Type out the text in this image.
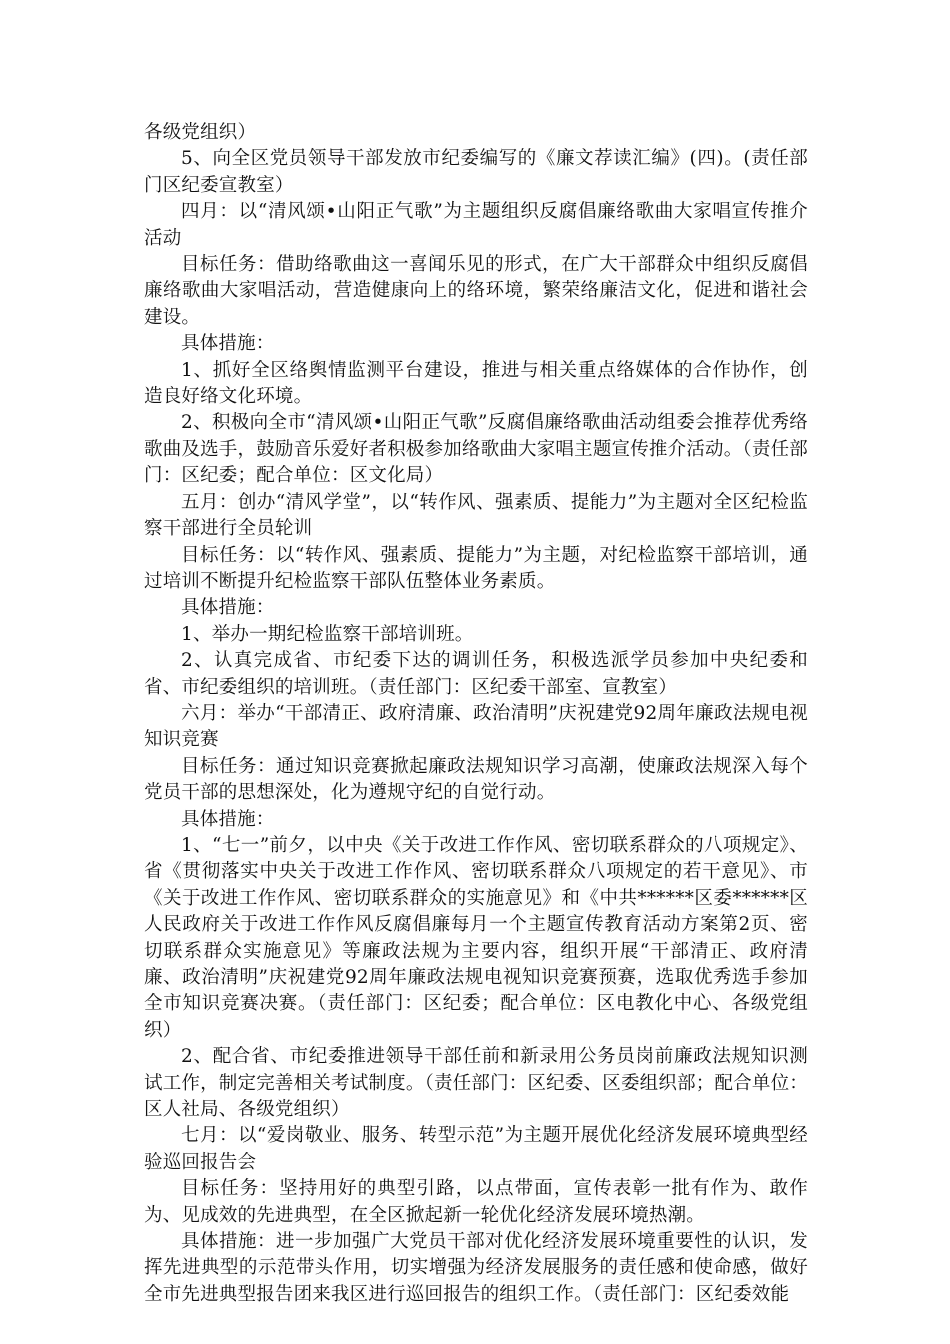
各级党组织）

5、向全区党员领导干部发放市纪委编写的《廉文荐读汇编》(四)。(责任部门区纪委宣教室）

四月：以“清风颂•山阳正气歌”为主题组织反腐倡廉络歌曲大家唱宣传推介活动

目标任务：借助络歌曲这一喜闻乐见的形式，在广大干部群众中组织反腐倡廉络歌曲大家唱活动，营造健康向上的络环境，繁荣络廉洁文化，促进和谐社会建设。

具体措施：

1、抓好全区络舆情监测平台建设，推进与相关重点络媒体的合作协作，创造良好络文化环境。

2、积极向全市“清风颂•山阳正气歌”反腐倡廉络歌曲活动组委会推荐优秀络歌曲及选手，鼓励音乐爱好者积极参加络歌曲大家唱主题宣传推介活动。（责任部门：区纪委；配合单位：区文化局）

五月：创办“清风学堂”，以“转作风、强素质、提能力”为主题对全区纪检监察干部进行全员轮训

目标任务：以“转作风、强素质、提能力”为主题，对纪检监察干部培训，通过培训不断提升纪检监察干部队伍整体业务素质。

具体措施：

1、举办一期纪检监察干部培训班。

2、认真完成省、市纪委下达的调训任务，积极选派学员参加中央纪委和省、市纪委组织的培训班。（责任部门：区纪委干部室、宣教室）

六月：举办“干部清正、政府清廉、政治清明”庆祝建党92周年廉政法规电视知识竞赛

目标任务：通过知识竞赛掀起廉政法规知识学习高潮，使廉政法规深入每个党员干部的思想深处，化为遵规守纪的自觉行动。

具体措施：

1、“七一”前夕，以中央《关于改进工作作风、密切联系群众的八项规定》、省《贯彻落实中央关于改进工作作风、密切联系群众八项规定的若干意见》、市《关于改进工作作风、密切联系群众的实施意见》和《中共******区委******区人民政府关于改进工作作风反腐倡廉每月一个主题宣传教育活动方案第2页、密切联系群众实施意见》等廉政法规为主要内容，组织开展“干部清正、政府清廉、政治清明”庆祝建党92周年廉政法规电视知识竞赛预赛，选取优秀选手参加全市知识竞赛决赛。（责任部门：区纪委；配合单位：区电教化中心、各级党组织）

2、配合省、市纪委推进领导干部任前和新录用公务员岗前廉政法规知识测试工作，制定完善相关考试制度。（责任部门：区纪委、区委组织部；配合单位：区人社局、各级党组织）

七月：以“爱岗敬业、服务、转型示范”为主题开展优化经济发展环境典型经验巡回报告会

目标任务：坚持用好的典型引路，以点带面，宣传表彰一批有作为、敢作为、见成效的先进典型，在全区掀起新一轮优化经济发展环境热潮。

具体措施：进一步加强广大党员干部对优化经济发展环境重要性的认识，发挥先进典型的示范带头作用，切实增强为经济发展服务的责任感和使命感，做好全市先进典型报告团来我区进行巡回报告的组织工作。（责任部门：区纪委效能
